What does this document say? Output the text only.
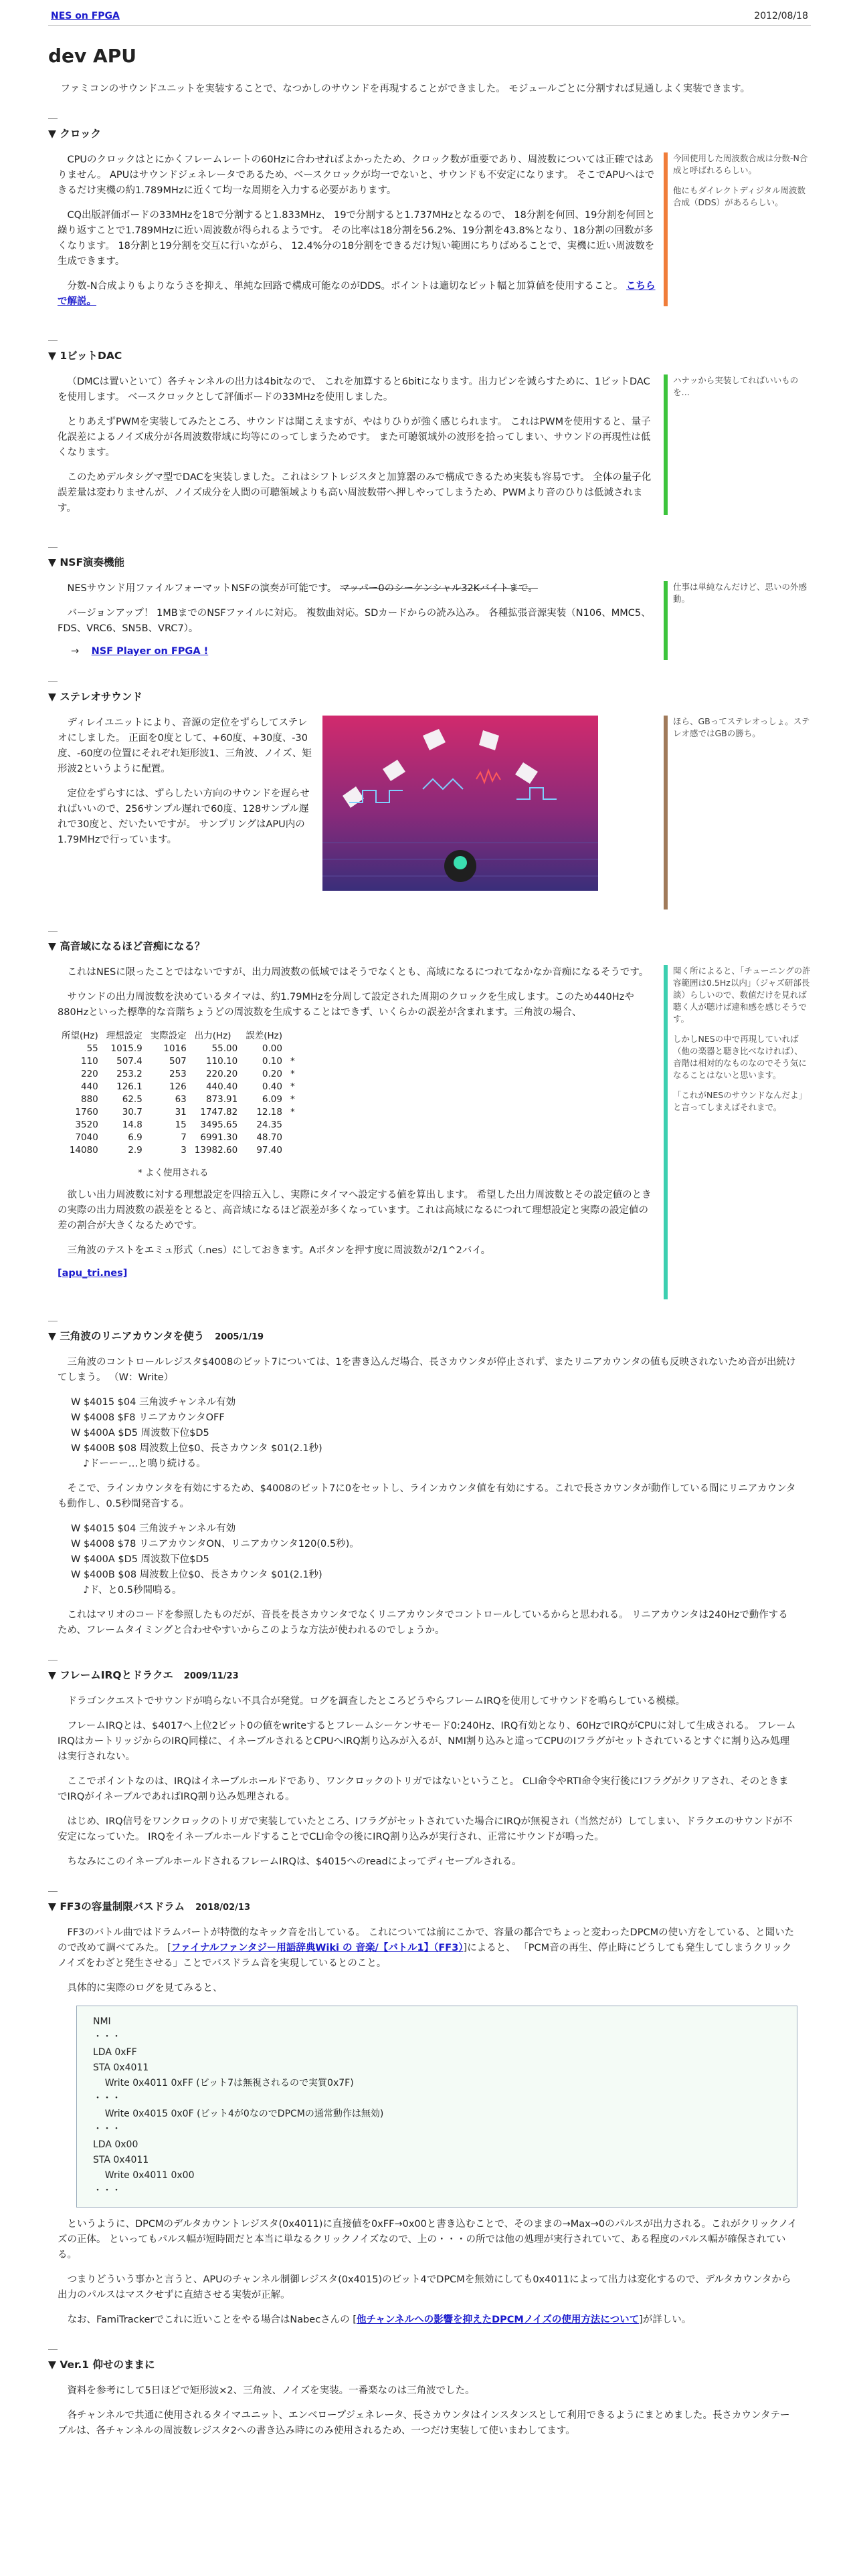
NES on FPGA	2012/08/18
dev APU

ファミコンのサウンドユニットを実装することで、なつかしのサウンドを再現することができました。 モジュールごとに分割すれば見通しよく実装できます。

▼ クロック

CPUのクロックはとにかくフレームレートの60Hzに合わせればよかったため、クロック数が重要であり、周波数については正確ではありません。 APUはサウンドジェネレータであるため、ベースクロックが均一でないと、サウンドも不安定になります。 そこでAPUへはできるだけ実機の約1.789MHzに近くて均一な周期を入力する必要があります。

CQ出版評価ボードの33MHzを18で分割すると1.833MHz、 19で分割すると1.737MHzとなるので、 18分割を何回、19分割を何回と繰り返すことで1.789MHzに近い周波数が得られるようです。 その比率は18分割を56.2%、19分割を43.8%となり、18分割の回数が多くなります。 18分割と19分割を交互に行いながら、 12.4%分の18分割をできるだけ短い範囲にちりばめることで、実機に近い周波数を生成できます。

分数-N合成よりもよりなうさを抑え、単純な回路で構成可能なのがDDS。ポイントは適切なビット幅と加算値を使用すること。 こちらで解説。

今回使用した周波数合成は分数-N合成と呼ばれるらしい。

他にもダイレクトディジタル周波数合成（DDS）があるらしい。

▼ 1ビットDAC

（DMCは置いといて）各チャンネルの出力は4bitなので、 これを加算すると6bitになります。出力ピンを減らすために、1ビットDACを使用します。 ベースクロックとして評価ボードの33MHzを使用しました。

とりあえずPWMを実装してみたところ、サウンドは聞こえますが、やはりひりが強く感じられます。 これはPWMを使用すると、量子化誤差によるノイズ成分が各周波数帯域に均等にのってしまうためです。 また可聴領域外の波形を拾ってしまい、サウンドの再現性は低くなります。

このためデルタシグマ型でDACを実装しました。これはシフトレジスタと加算器のみで構成できるため実装も容易です。 全体の量子化誤差量は変わりませんが、ノイズ成分を人間の可聴領域よりも高い周波数帯へ押しやってしまうため、PWMより音のひりは低減されます。

ハナッから実装してればいいものを…

▼ NSF演奏機能

NESサウンド用ファイルフォーマットNSFの演奏が可能です。 マッパー0のシーケンシャル32Kバイトまで。

バージョンアップ！ 1MBまでのNSFファイルに対応。 複数曲対応。SDカードからの読み込み。 各種拡張音源実装（N106、MMC5、FDS、VRC6、SN5B、VRC7）。

→ NSF Player on FPGA !

仕事は単純なんだけど、思いの外感動。

▼ ステレオサウンド

ディレイユニットにより、音源の定位をずらしてステレオにしました。 正面を0度として、+60度、+30度、-30度、-60度の位置にそれぞれ矩形波1、三角波、ノイズ、矩形波2というように配置。

定位をずらすには、ずらしたい方向のサウンドを遅らせればいいので、256サンプル遅れで60度、128サンプル遅れで30度と、だいたいですが。 サンプリングはAPU内の1.79MHzで行っています。

ほら、GBってステレオっしょ。ステレオ感ではGBの勝ち。

▼ 高音域になるほど音痴になる？

これはNESに限ったことではないですが、出力周波数の低域ではそうでなくとも、高域になるにつれてなかなか音痴になるそうです。

サウンドの出力周波数を決めているタイマは、約1.79MHzを分周して設定された周期のクロックを生成します。このため440Hzや880Hzといった標準的な音階ちょうどの周波数を生成することはできず、いくらかの誤差が含まれます。三角波の場合、

所望(Hz)	理想設定	実際設定	出力(Hz)	誤差(Hz)	
55	1015.9	1016	55.00	0.00	
110	507.4	507	110.10	0.10	*
220	253.2	253	220.20	0.20	*
440	126.1	126	440.40	0.40	*
880	62.5	63	873.91	6.09	*
1760	30.7	31	1747.82	12.18	*
3520	14.8	15	3495.65	24.35	
7040	6.9	7	6991.30	48.70	
14080	2.9	3	13982.60	97.40	
* よく使用される

欲しい出力周波数に対する理想設定を四捨五入し、実際にタイマへ設定する値を算出します。 希望した出力周波数とその設定値のときの実際の出力周波数の誤差をとると、高音域になるほど誤差が多くなっています。これは高域になるにつれて理想設定と実際の設定値の差の割合が大きくなるためです。

三角波のテストをエミュ形式（.nes）にしておきます。Aボタンを押す度に周波数が2/1^2バイ。

[apu_tri.nes]

聞く所によると、「チューニングの許容範囲は0.5Hz以内」（ジャズ研部長談）らしいので、数値だけを見れば聴く人が聴けば違和感を感じそうです。

しかしNESの中で再現していれば（他の楽器と聴き比べなければ）、音階は相対的なものなのでそう気になることはないと思います。

「これがNESのサウンドなんだよ」と言ってしまえばそれまで。

▼ 三角波のリニアカウンタを使う 2005/1/19

三角波のコントロールレジスタ$4008のビット7については、1を書き込んだ場合、長さカウンタが停止されず、またリニアカウンタの値も反映されないため音が出続けてしまう。 （W：Write）

W $4015 $04 三角波チャンネル有効
W $4008 $F8 リニアカウンタOFF
W $400A $D5 周波数下位$D5
W $400B $08 周波数上位$0、長さカウンタ $01(2.1秒)
♪ドーーー…と鳴り続ける。

そこで、ラインカウンタを有効にするため、$4008のビット7に0をセットし、ラインカウンタ値を有効にする。これで長さカウンタが動作している間にリニアカウンタも動作し、0.5秒間発音する。

W $4015 $04 三角波チャンネル有効
W $4008 $78 リニアカウンタON、リニアカウンタ120(0.5秒)。
W $400A $D5 周波数下位$D5
W $400B $08 周波数上位$0、長さカウンタ $01(2.1秒)
♪ド、と0.5秒間鳴る。

これはマリオのコードを参照したものだが、音長を長さカウンタでなくリニアカウンタでコントロールしているからと思われる。 リニアカウンタは240Hzで動作するため、フレームタイミングと合わせやすいからこのような方法が使われるのでしょうか。

▼ フレームIRQとドラクエ 2009/11/23

ドラゴンクエストでサウンドが鳴らない不具合が発覚。ログを調査したところどうやらフレームIRQを使用してサウンドを鳴らしている模様。

フレームIRQとは、$4017へ上位2ビット0の値をwriteするとフレームシーケンサモード0:240Hz、IRQ有効となり、60HzでIRQがCPUに対して生成される。 フレームIRQはカートリッジからのIRQ同様に、イネーブルされるとCPUへIRQ割り込みが入るが、NMI割り込みと違ってCPUのIフラグがセットされているとすぐに割り込み処理は実行されない。

ここでポイントなのは、IRQはイネーブルホールドであり、ワンクロックのトリガではないということ。 CLI命令やRTI命令実行後にIフラグがクリアされ、そのときまでIRQがイネーブルであればIRQ割り込み処理される。

はじめ、IRQ信号をワンクロックのトリガで実装していたところ、Iフラグがセットされていた場合にIRQが無視され（当然だが）してしまい、ドラクエのサウンドが不安定になっていた。 IRQをイネーブルホールドすることでCLI命令の後にIRQ割り込みが実行され、正常にサウンドが鳴った。

ちなみにこのイネーブルホールドされるフレームIRQは、$4015へのreadによってディセーブルされる。

▼ FF3の容量制限バスドラム 2018/02/13

FF3のバトル曲ではドラムパートが特徴的なキック音を出している。 これについては前にこかで、容量の都合でちょっと変わったDPCMの使い方をしている、と聞いたので改めて調べてみた。 [ファイナルファンタジー用語辞典Wiki の 音楽/【バトル1】（FF3）]によると、 「PCM音の再生、停止時にどうしても発生してしまうクリックノイズをわざと発生させる」ことでバスドラム音を実現しているとのこと。

具体的に実際のログを見てみると、

NMI
・・・
LDA 0xFF
STA 0x4011
Write 0x4011 0xFF (ビット7は無視されるので実質0x7F)
・・・
Write 0x4015 0x0F (ビット4が0なのでDPCMの通常動作は無効)
・・・
LDA 0x00
STA 0x4011
Write 0x4011 0x00
・・・

というように、DPCMのデルタカウントレジスタ(0x4011)に直接値を0xFF→0x00と書き込むことで、そのままの→Max→0のパルスが出力される。これがクリックノイズの正体。 といってもパルス幅が短時間だと本当に単なるクリックノイズなので、上の・・・の所では他の処理が実行されていて、ある程度のパルス幅が確保されている。

つまりどういう事かと言うと、APUのチャンネル制御レジスタ(0x4015)のビット4でDPCMを無効にしても0x4011によって出力は変化するので、デルタカウンタから出力のパルスはマスクせずに直結させる実装が正解。

なお、FamiTrackerでこれに近いことをやる場合はNabecさんの [他チャンネルへの影響を抑えたDPCMノイズの使用方法について]が詳しい。

▼ Ver.1 仰せのままに

資料を参考にして5日ほどで矩形波×2、三角波、ノイズを実装。一番楽なのは三角波でした。

各チャンネルで共通に使用されるタイマユニット、エンベロープジェネレータ、長さカウンタはインスタンスとして利用できるようにまとめました。長さカウンタテーブルは、各チャンネルの周波数レジスタ2への書き込み時にのみ使用されるため、一つだけ実装して使いまわしてます。
